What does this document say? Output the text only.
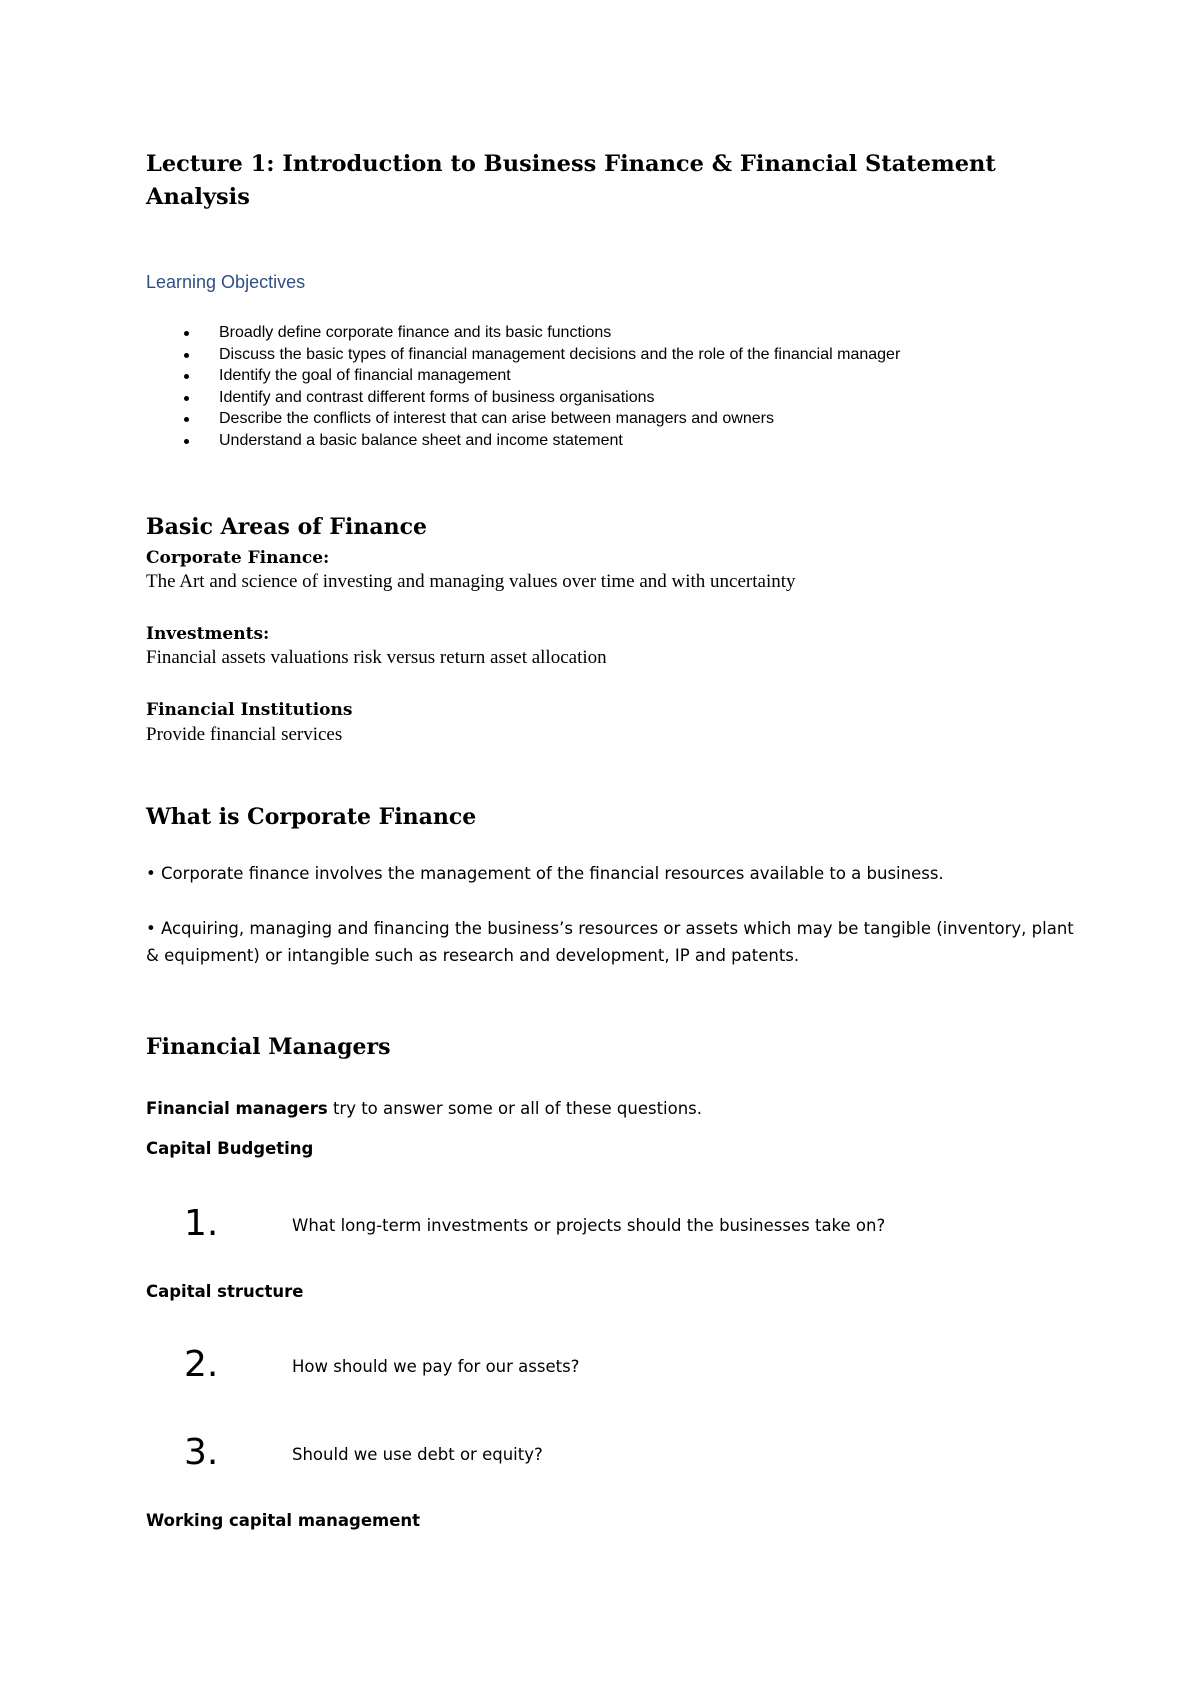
Lecture 1: Introduction to Business Finance & Financial Statement Analysis
Learning Objectives
Broadly define corporate finance and its basic functions
Discuss the basic types of financial management decisions and the role of the financial manager
Identify the goal of financial management
Identify and contrast different forms of business organisations
Describe the conflicts of interest that can arise between managers and owners
Understand a basic balance sheet and income statement
Basic Areas of Finance
Corporate Finance:
The Art and science of investing and managing values over time and with uncertainty
Investments:
Financial assets valuations risk versus return asset allocation
Financial Institutions
Provide financial services
What is Corporate Finance

• Corporate finance involves the management of the financial resources available to a business.

• Acquiring, managing and financing the business’s resources or assets which may be tangible (inventory, plant & equipment) or intangible such as research and development, IP and patents.

Financial Managers

Financial managers try to answer some or all of these questions.

Capital Budgeting
1.	What long-term investments or projects should the businesses take on?
Capital structure
2.	How should we pay for our assets?
3.	Should we use debt or equity?
Working capital management
